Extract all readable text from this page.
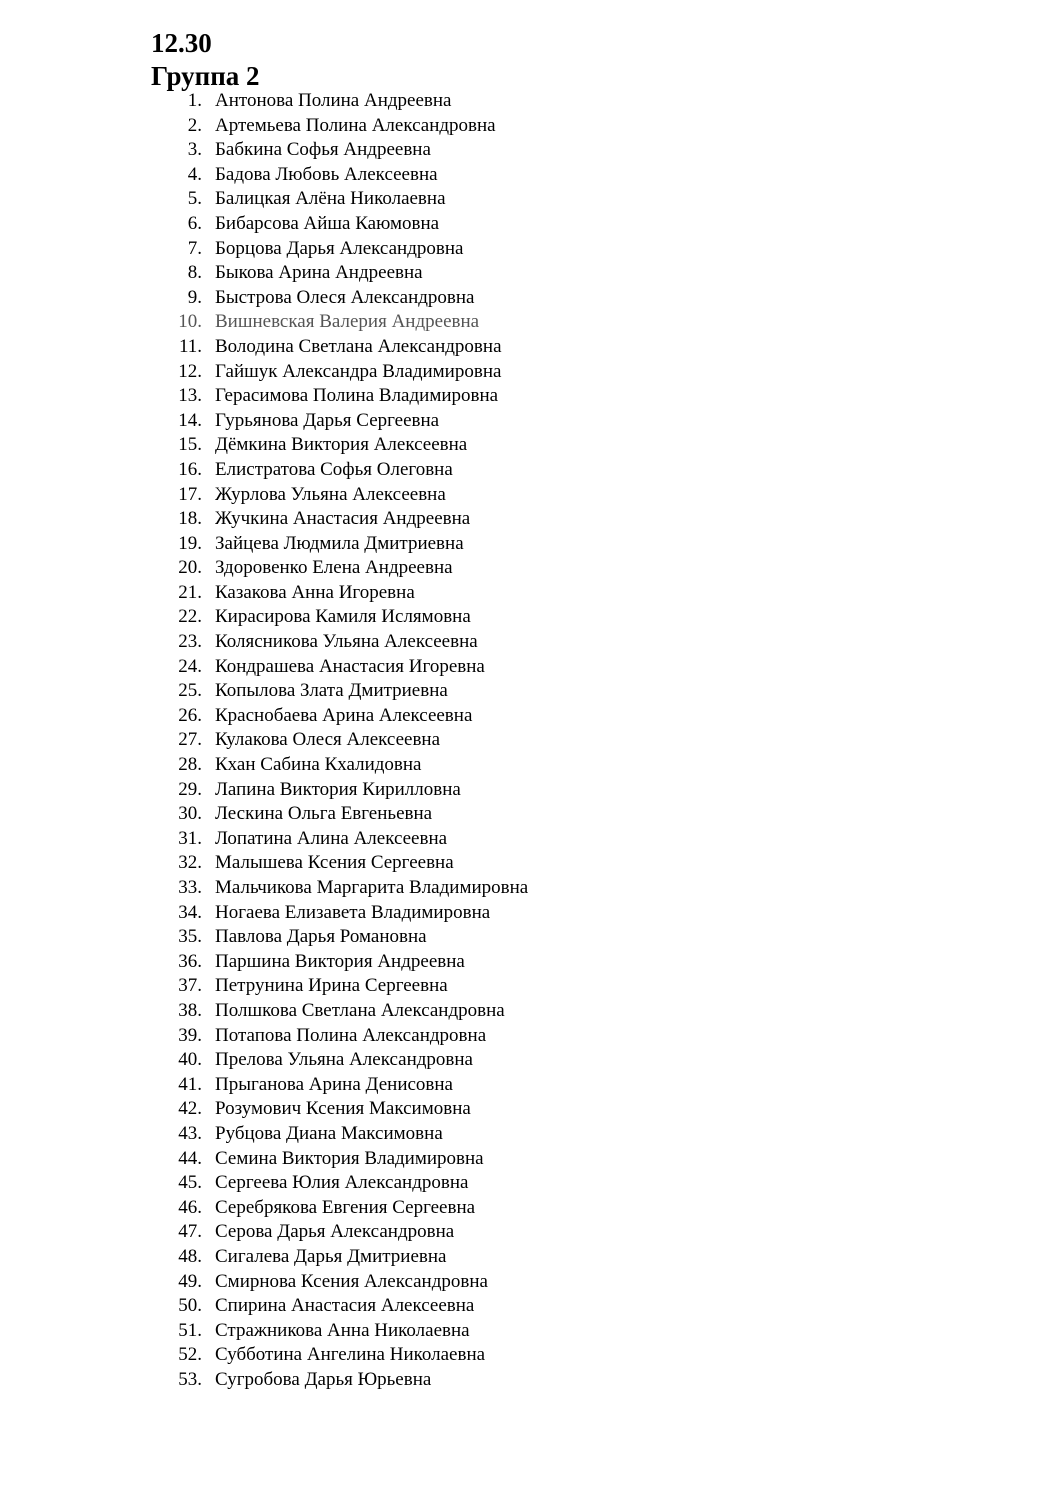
12.30
Группа 2
1. Антонова Полина Андреевна
2. Артемьева Полина Александровна
3. Бабкина Софья Андреевна
4. Бадова Любовь Алексеевна
5. Балицкая Алёна Николаевна
6. Бибарсова Айша Каюмовна
7. Борцова Дарья Александровна
8. Быкова Арина Андреевна
9. Быстрова Олеся Александровна
10. Вишневская Валерия Андреевна
11. Володина Светлана Александровна
12. Гайшук Александра Владимировна
13. Герасимова Полина Владимировна
14. Гурьянова Дарья Сергеевна
15. Дёмкина Виктория Алексеевна
16. Елистратова Софья Олеговна
17. Журлова Ульяна Алексеевна
18. Жучкина Анастасия Андреевна
19. Зайцева Людмила Дмитриевна
20. Здоровенко Елена Андреевна
21. Казакова Анна Игоревна
22. Кирасирова Камиля Ислямовна
23. Колясникова Ульяна Алексеевна
24. Кондрашева Анастасия Игоревна
25. Копылова Злата Дмитриевна
26. Краснобаева Арина Алексеевна
27. Кулакова Олеся Алексеевна
28. Кхан Сабина Кхалидовна
29. Лапина Виктория Кирилловна
30. Лескина Ольга Евгеньевна
31. Лопатина Алина Алексеевна
32. Малышева Ксения Сергеевна
33. Мальчикова Маргарита Владимировна
34. Ногаева Елизавета Владимировна
35. Павлова Дарья Романовна
36. Паршина Виктория Андреевна
37. Петрунина Ирина Сергеевна
38. Полшкова Светлана Александровна
39. Потапова Полина Александровна
40. Прелова Ульяна Александровна
41. Прыганова Арина Денисовна
42. Розумович Ксения Максимовна
43. Рубцова Диана Максимовна
44. Семина Виктория Владимировна
45. Сергеева Юлия Александровна
46. Серебрякова Евгения Сергеевна
47. Серова Дарья Александровна
48. Сигалева Дарья Дмитриевна
49. Смирнова Ксения Александровна
50. Спирина Анастасия Алексеевна
51. Стражникова Анна Николаевна
52. Субботина Ангелина Николаевна
53. Сугробова Дарья Юрьевна
